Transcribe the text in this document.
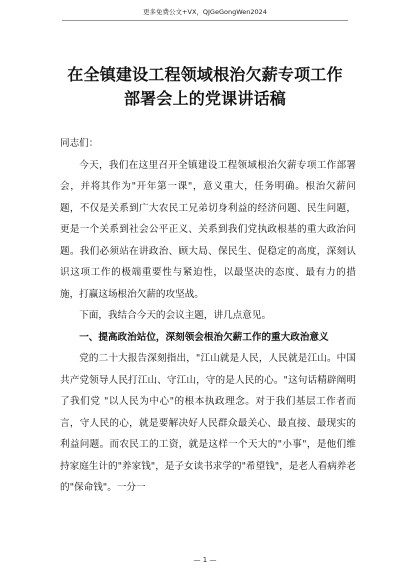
更多免费公文+VX，QJGeGongWen2024
在全镇建设工程领域根治欠薪专项工作部署会上的党课讲话稿

同志们：

今天，我们在这里召开全镇建设工程领域根治欠薪专项工作部署会，并将其作为"开年第一课"，意义重大，任务明确。根治欠薪问题，不仅是关系到广大农民工兄弟切身利益的经济问题、民生问题，更是一个关系到社会公平正义、关系到我们党执政根基的重大政治问题。我们必须站在讲政治、顾大局、保民生、促稳定的高度，深刻认识这项工作的极端重要性与紧迫性，以最坚决的态度、最有力的措施，打赢这场根治欠薪的攻坚战。

下面，我结合今天的会议主题，讲几点意见。

一、提高政治站位，深刻领会根治欠薪工作的重大政治意义

党的二十大报告深刻指出，"江山就是人民，人民就是江山。中国共产党领导人民打江山、守江山，守的是人民的心。"这句话精辟阐明了我们党 "以人民为中心"的根本执政理念。对于我们基层工作者而言，守人民的心，就是要解决好人民群众最关心、最直接、最现实的利益问题。而农民工的工资，就是这样一个天大的"小事"，是他们维持家庭生计的"养家钱"，是子女读书求学的"希望钱"，是老人看病养老的"保命钱"。一分一

— 1 —
